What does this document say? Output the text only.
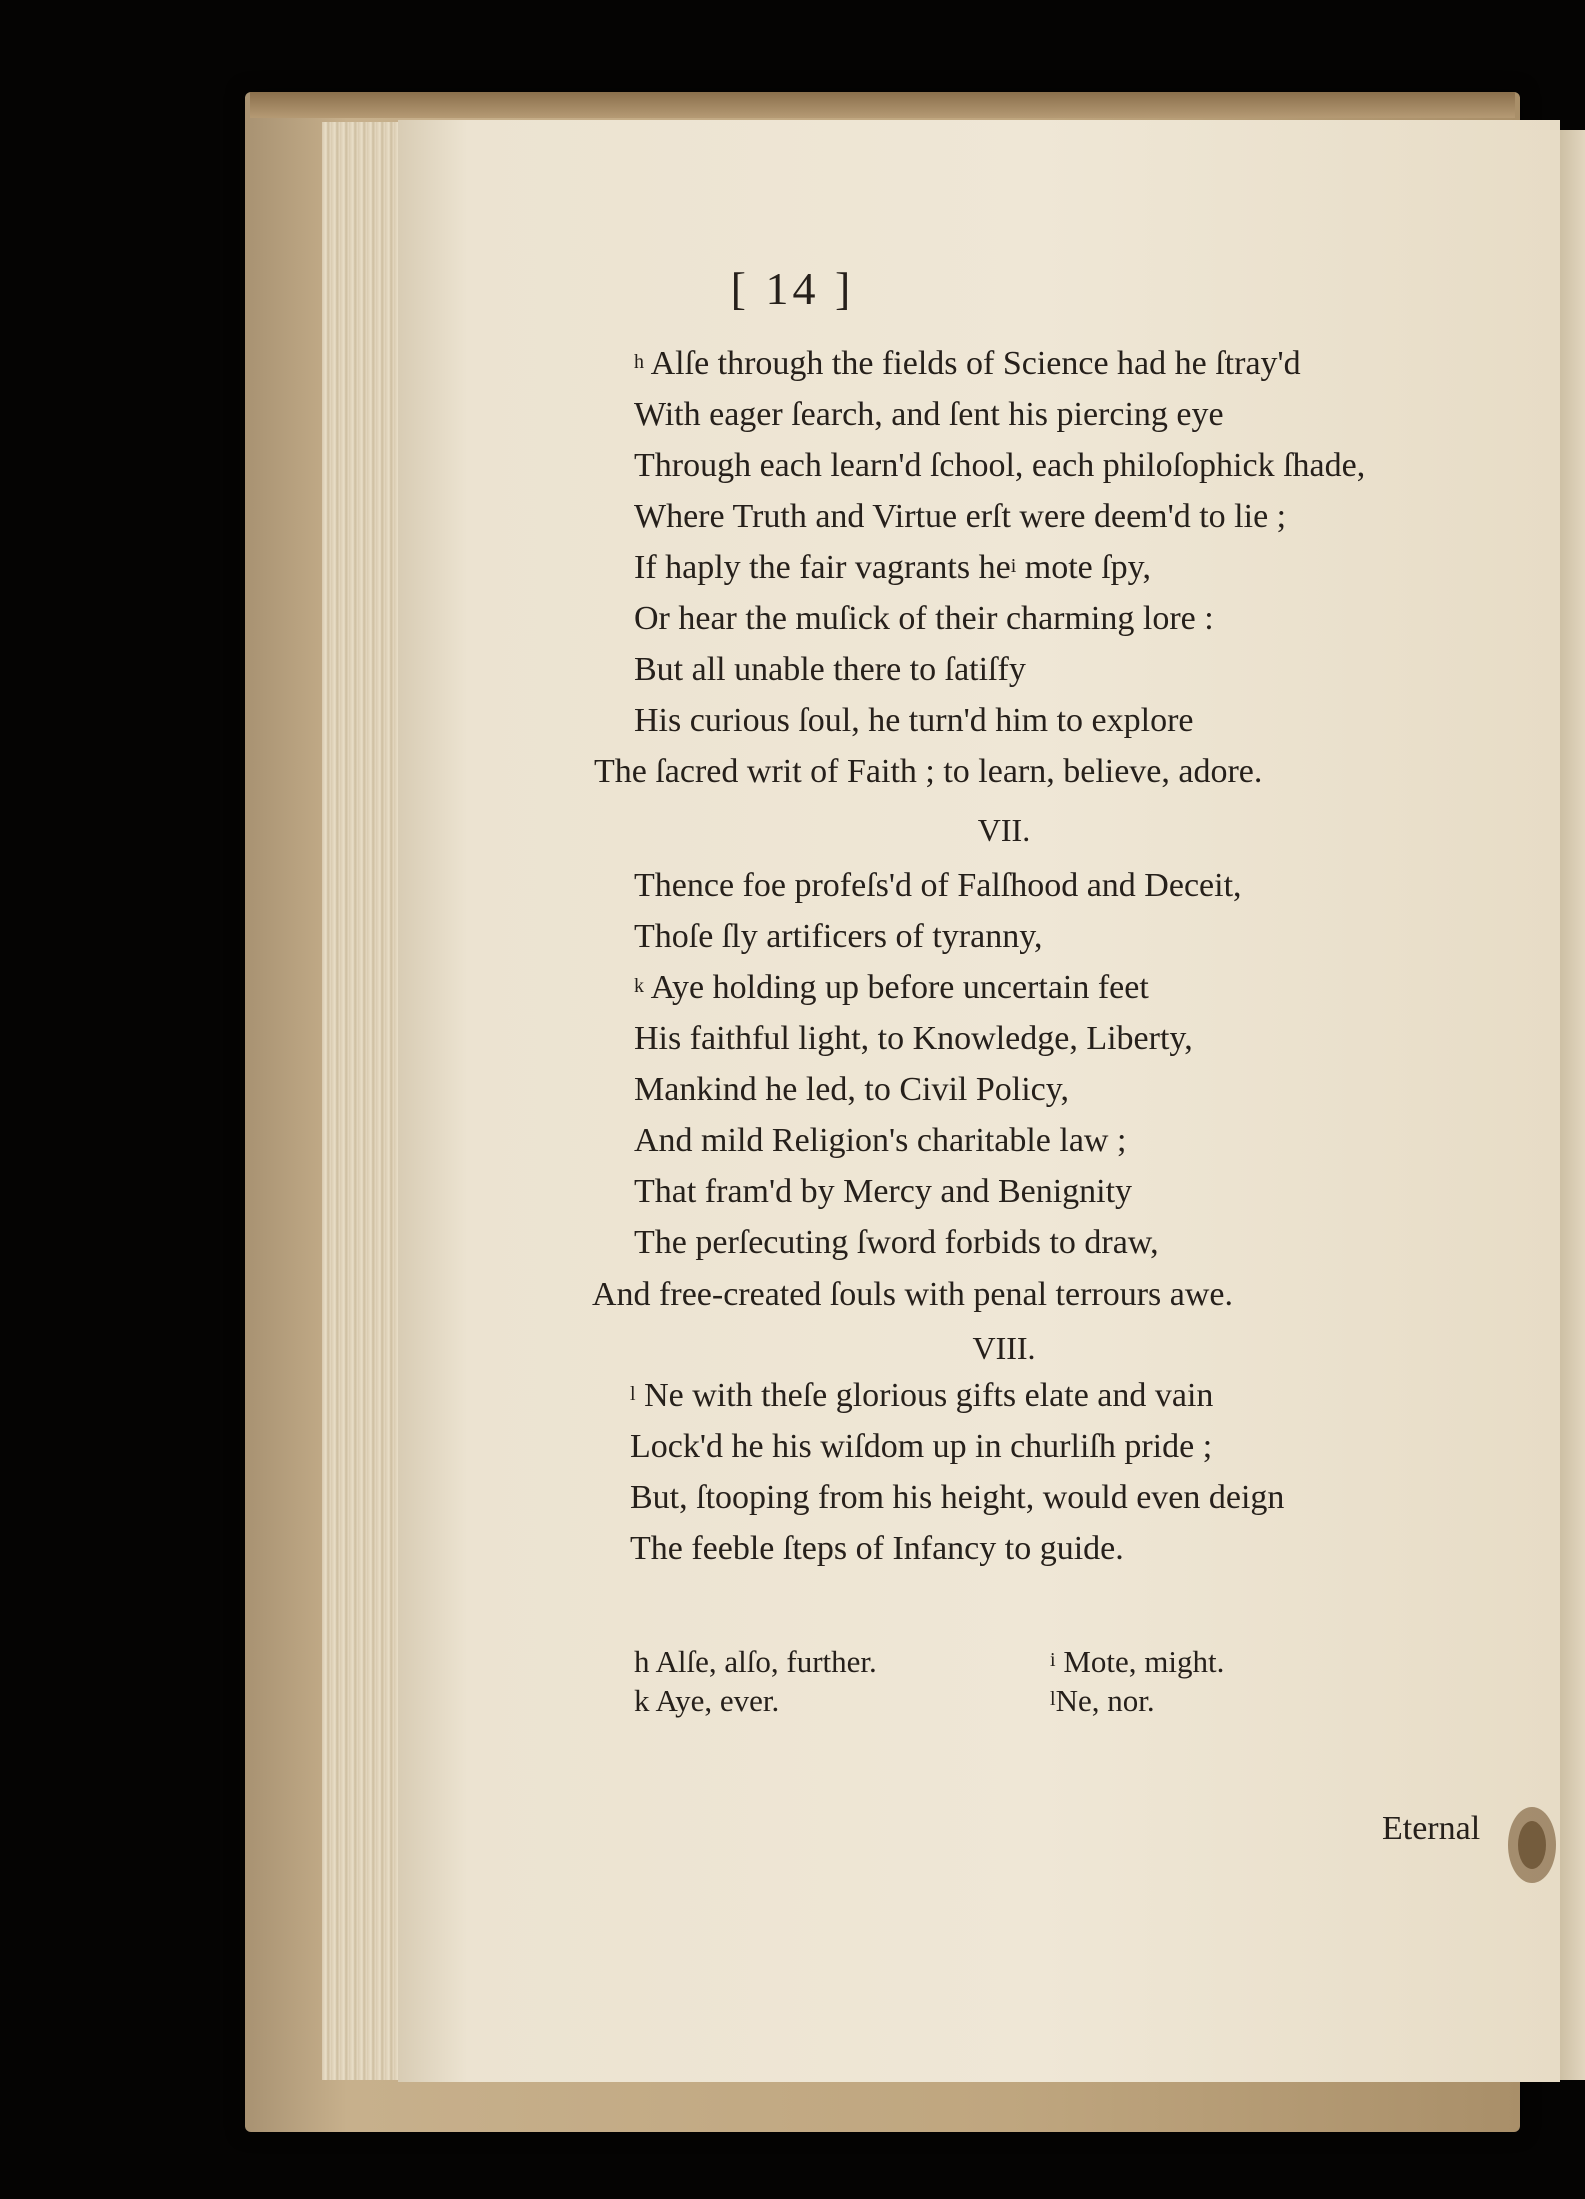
[ 14 ]
$^h$ Alſe through the fields of Science had he ſtray'd
With eager ſearch, and ſent his piercing eye
Through each learn'd ſchool, each philoſophick ſhade,
Where Truth and Virtue erſt were deem'd to lie ;
If haply the fair vagrants $he^i$ mote ſpy,
Or hear the muſick of their charming lore :
But all unable there to ſatiſfy
His curious ſoul, he turn'd him to explore
The ſacred writ of Faith ; to learn, believe, adore.
VII.
Thence foe profeſs'd of Falſhood and Deceit,
Thoſe ſly artificers of tyranny,
$^k$ Aye holding up before uncertain feet
His faithful light, to Knowledge, Liberty,
Mankind he led, to Civil Policy,
And mild Religion's charitable law ;
That fram'd by Mercy and Benignity
The perſecuting ſword forbids to draw,
And free-created ſouls with penal terrours awe.
VIII.
$^l$ Ne with theſe glorious gifts elate and vain
Lock'd he his wiſdom up in churliſh pride ;
But, ſtooping from his height, would even deign
The feeble ſteps of Infancy to guide.
h Alſe, alſo, further.	$^i$ Mote, might.
k Aye, ever.	$^l$Ne, nor.
Eternal
